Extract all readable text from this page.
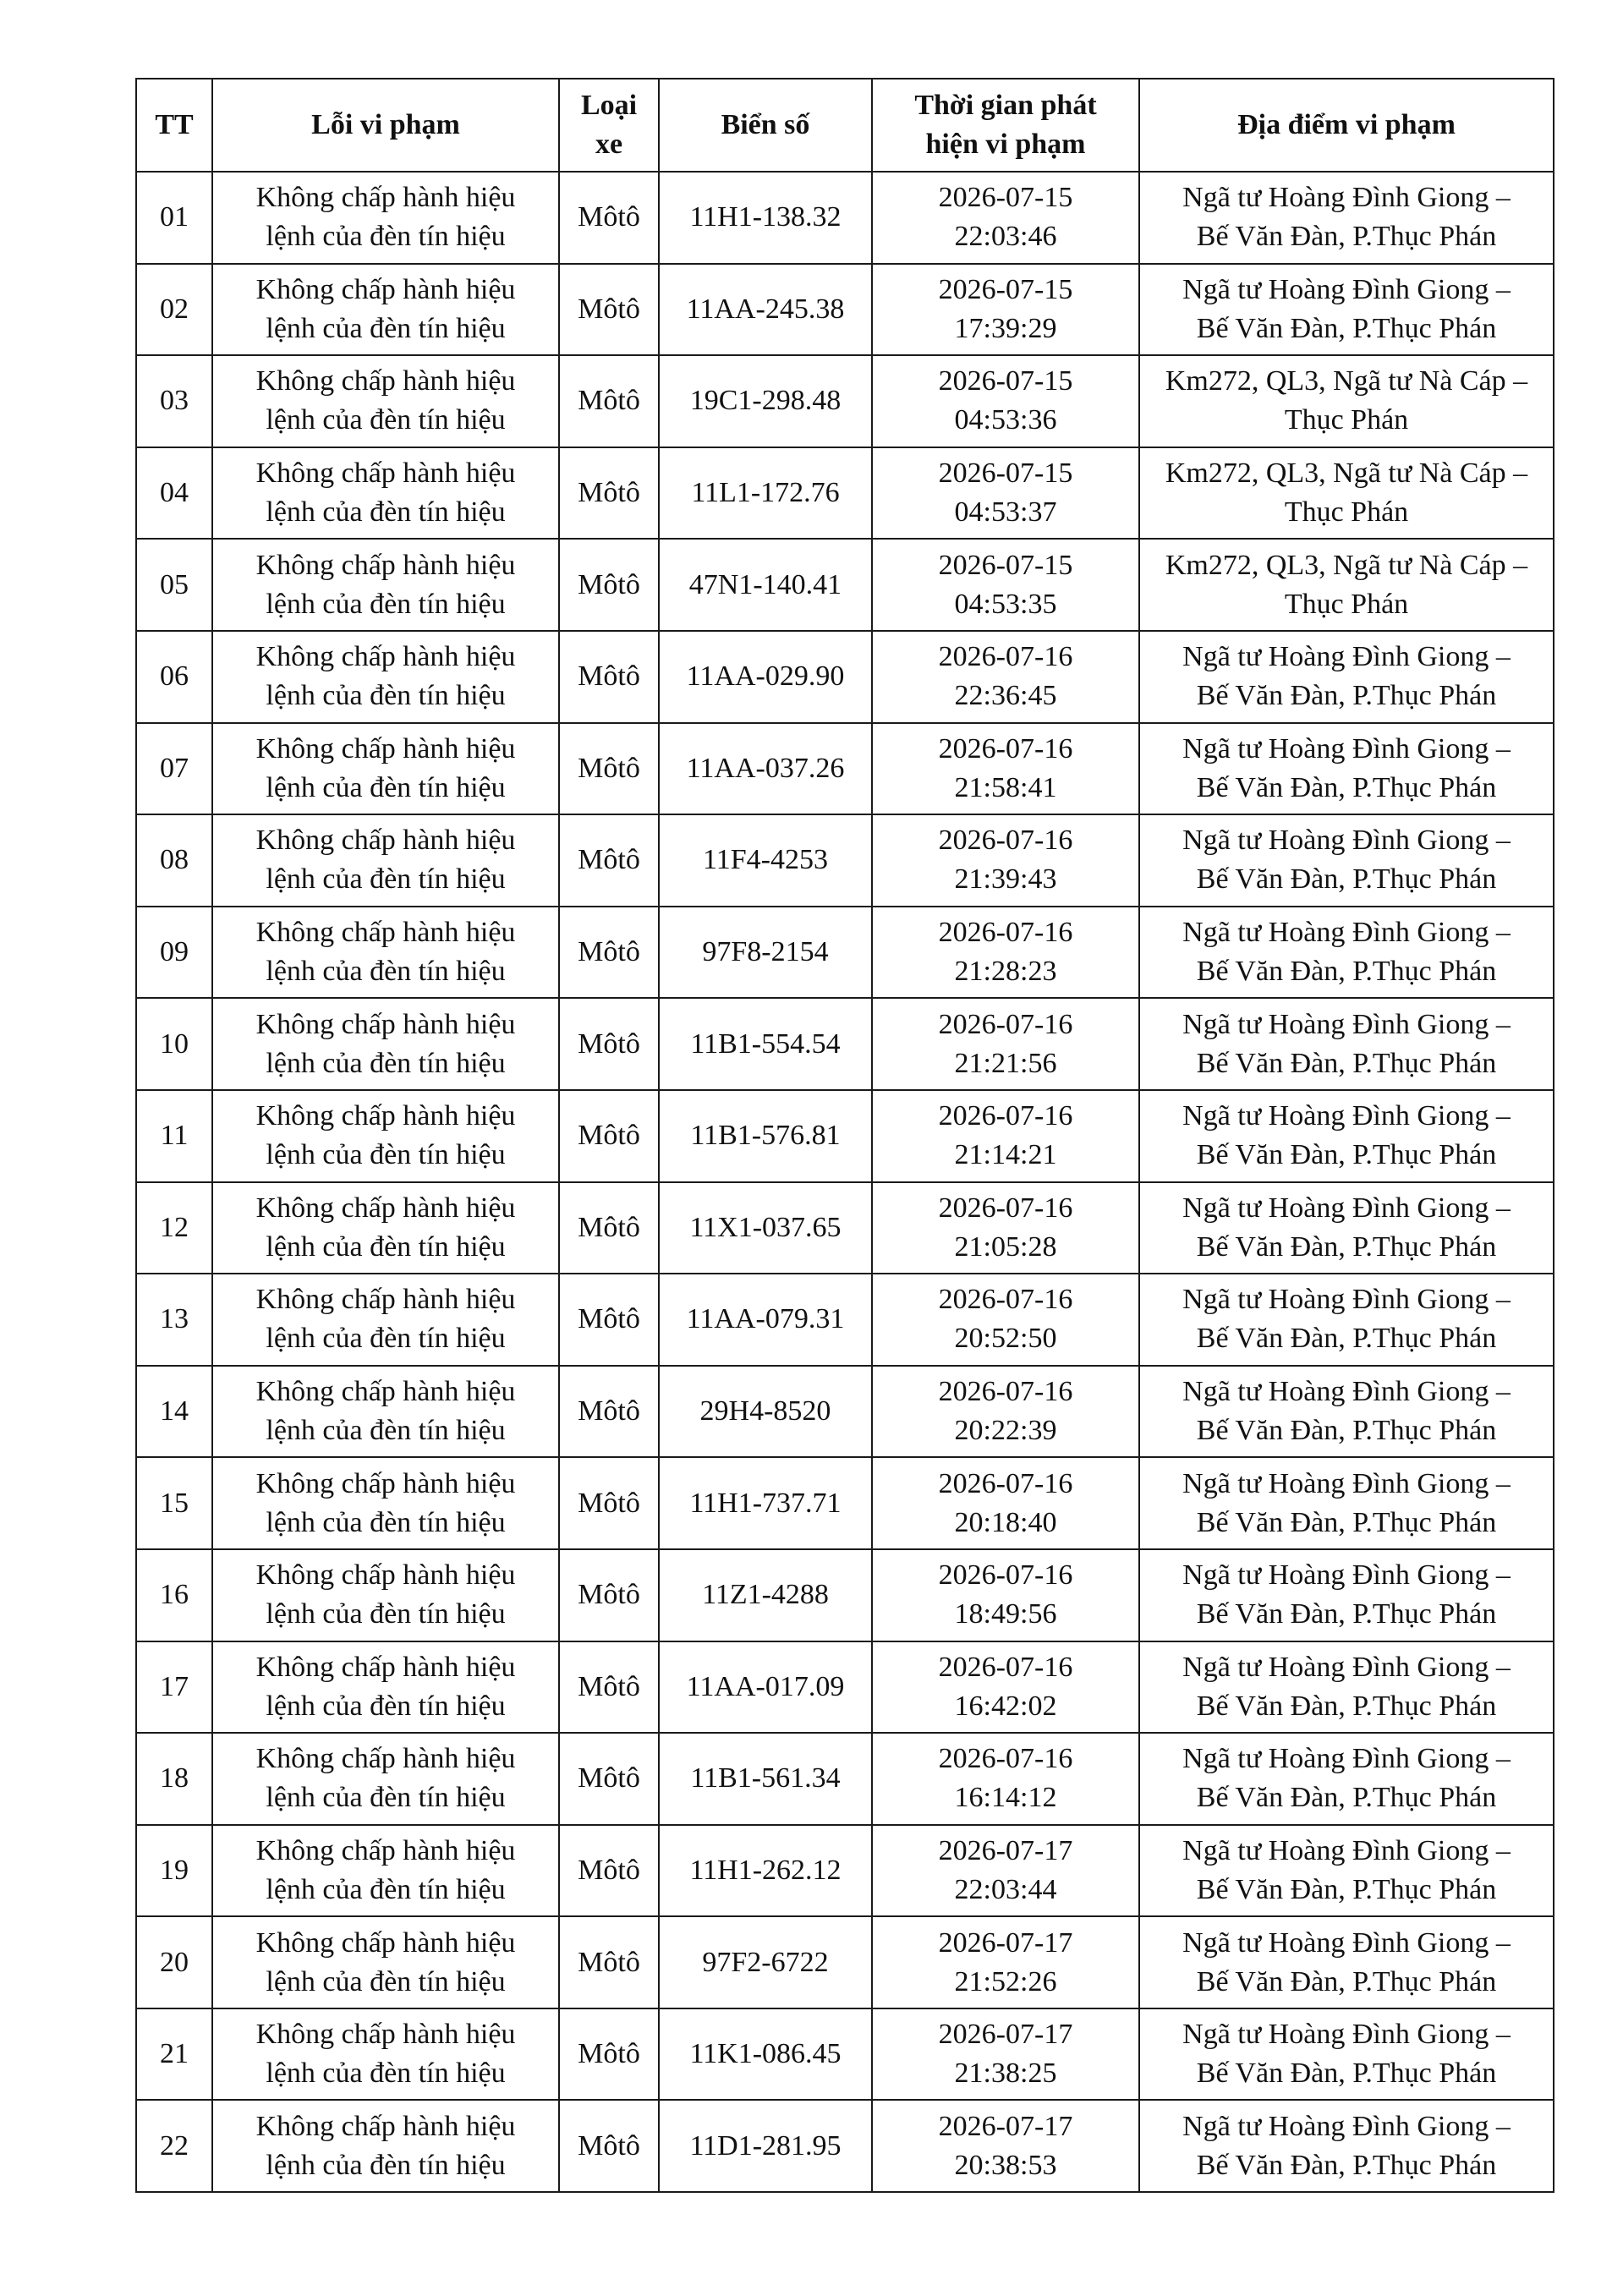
TT	Lỗi vi phạm	Loại
xe	Biển số	Thời gian phát
hiện vi phạm	Địa điểm vi phạm

01	Không chấp hành hiệu
lệnh của đèn tín hiệu	Môtô	11H1-138.32	2026-07-15
22:03:46	Ngã tư Hoàng Đình Giong –
Bế Văn Đàn, P.Thục Phán

02	Không chấp hành hiệu
lệnh của đèn tín hiệu	Môtô	11AA-245.38	2026-07-15
17:39:29	Ngã tư Hoàng Đình Giong –
Bế Văn Đàn, P.Thục Phán

03	Không chấp hành hiệu
lệnh của đèn tín hiệu	Môtô	19C1-298.48	2026-07-15
04:53:36	Km272, QL3, Ngã tư Nà Cáp –
Thục Phán

04	Không chấp hành hiệu
lệnh của đèn tín hiệu	Môtô	11L1-172.76	2026-07-15
04:53:37	Km272, QL3, Ngã tư Nà Cáp –
Thục Phán

05	Không chấp hành hiệu
lệnh của đèn tín hiệu	Môtô	47N1-140.41	2026-07-15
04:53:35	Km272, QL3, Ngã tư Nà Cáp –
Thục Phán

06	Không chấp hành hiệu
lệnh của đèn tín hiệu	Môtô	11AA-029.90	2026-07-16
22:36:45	Ngã tư Hoàng Đình Giong –
Bế Văn Đàn, P.Thục Phán

07	Không chấp hành hiệu
lệnh của đèn tín hiệu	Môtô	11AA-037.26	2026-07-16
21:58:41	Ngã tư Hoàng Đình Giong –
Bế Văn Đàn, P.Thục Phán

08	Không chấp hành hiệu
lệnh của đèn tín hiệu	Môtô	11F4-4253	2026-07-16
21:39:43	Ngã tư Hoàng Đình Giong –
Bế Văn Đàn, P.Thục Phán

09	Không chấp hành hiệu
lệnh của đèn tín hiệu	Môtô	97F8-2154	2026-07-16
21:28:23	Ngã tư Hoàng Đình Giong –
Bế Văn Đàn, P.Thục Phán

10	Không chấp hành hiệu
lệnh của đèn tín hiệu	Môtô	11B1-554.54	2026-07-16
21:21:56	Ngã tư Hoàng Đình Giong –
Bế Văn Đàn, P.Thục Phán

11	Không chấp hành hiệu
lệnh của đèn tín hiệu	Môtô	11B1-576.81	2026-07-16
21:14:21	Ngã tư Hoàng Đình Giong –
Bế Văn Đàn, P.Thục Phán

12	Không chấp hành hiệu
lệnh của đèn tín hiệu	Môtô	11X1-037.65	2026-07-16
21:05:28	Ngã tư Hoàng Đình Giong –
Bế Văn Đàn, P.Thục Phán

13	Không chấp hành hiệu
lệnh của đèn tín hiệu	Môtô	11AA-079.31	2026-07-16
20:52:50	Ngã tư Hoàng Đình Giong –
Bế Văn Đàn, P.Thục Phán

14	Không chấp hành hiệu
lệnh của đèn tín hiệu	Môtô	29H4-8520	2026-07-16
20:22:39	Ngã tư Hoàng Đình Giong –
Bế Văn Đàn, P.Thục Phán

15	Không chấp hành hiệu
lệnh của đèn tín hiệu	Môtô	11H1-737.71	2026-07-16
20:18:40	Ngã tư Hoàng Đình Giong –
Bế Văn Đàn, P.Thục Phán

16	Không chấp hành hiệu
lệnh của đèn tín hiệu	Môtô	11Z1-4288	2026-07-16
18:49:56	Ngã tư Hoàng Đình Giong –
Bế Văn Đàn, P.Thục Phán

17	Không chấp hành hiệu
lệnh của đèn tín hiệu	Môtô	11AA-017.09	2026-07-16
16:42:02	Ngã tư Hoàng Đình Giong –
Bế Văn Đàn, P.Thục Phán

18	Không chấp hành hiệu
lệnh của đèn tín hiệu	Môtô	11B1-561.34	2026-07-16
16:14:12	Ngã tư Hoàng Đình Giong –
Bế Văn Đàn, P.Thục Phán

19	Không chấp hành hiệu
lệnh của đèn tín hiệu	Môtô	11H1-262.12	2026-07-17
22:03:44	Ngã tư Hoàng Đình Giong –
Bế Văn Đàn, P.Thục Phán

20	Không chấp hành hiệu
lệnh của đèn tín hiệu	Môtô	97F2-6722	2026-07-17
21:52:26	Ngã tư Hoàng Đình Giong –
Bế Văn Đàn, P.Thục Phán

21	Không chấp hành hiệu
lệnh của đèn tín hiệu	Môtô	11K1-086.45	2026-07-17
21:38:25	Ngã tư Hoàng Đình Giong –
Bế Văn Đàn, P.Thục Phán

22	Không chấp hành hiệu
lệnh của đèn tín hiệu	Môtô	11D1-281.95	2026-07-17
20:38:53	Ngã tư Hoàng Đình Giong –
Bế Văn Đàn, P.Thục Phán
